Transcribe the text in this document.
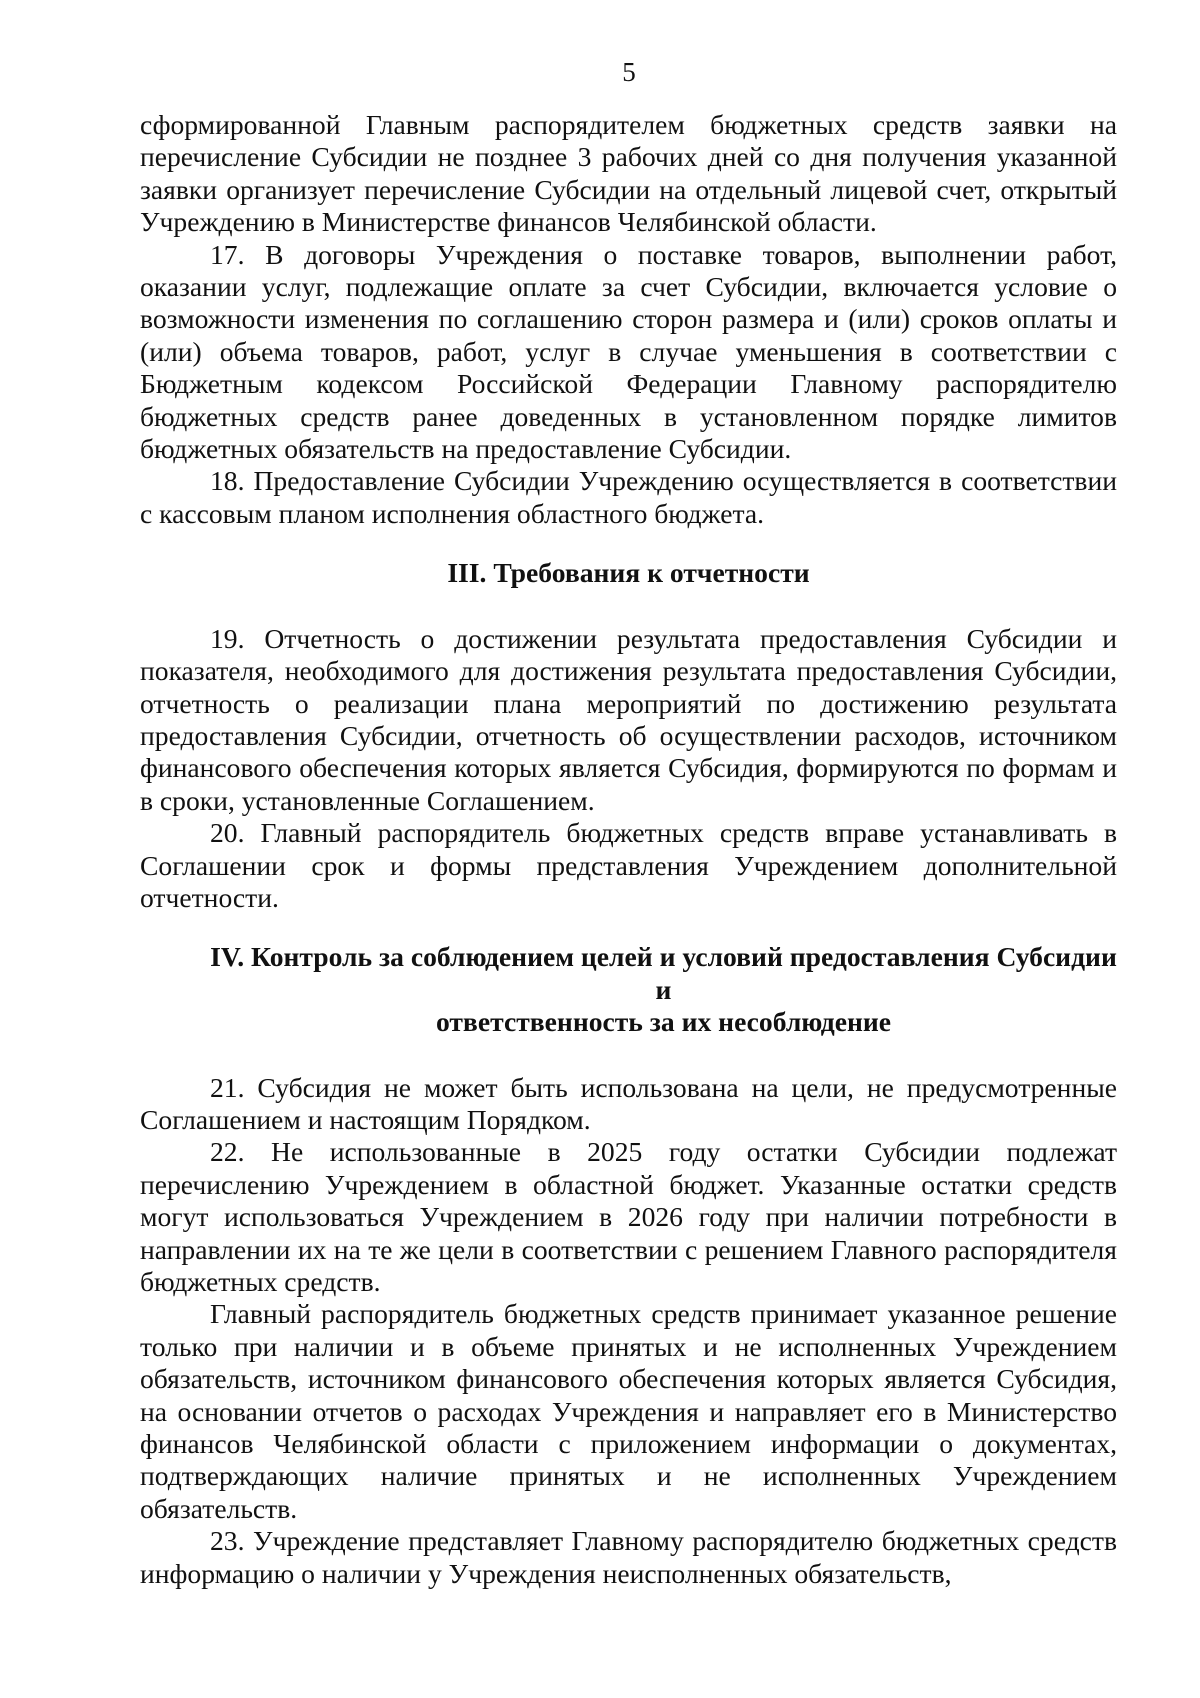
5

сформированной Главным распорядителем бюджетных средств заявки на перечисление Субсидии не позднее 3 рабочих дней со дня получения указанной заявки организует перечисление Субсидии на отдельный лицевой счет, открытый Учреждению в Министерстве финансов Челябинской области.

17. В договоры Учреждения о поставке товаров, выполнении работ, оказании услуг, подлежащие оплате за счет Субсидии, включается условие о возможности изменения по соглашению сторон размера и (или) сроков оплаты и (или) объема товаров, работ, услуг в случае уменьшения в соответствии с Бюджетным кодексом Российской Федерации Главному распорядителю бюджетных средств ранее доведенных в установленном порядке лимитов бюджетных обязательств на предоставление Субсидии.

18. Предоставление Субсидии Учреждению осуществляется в соответствии с кассовым планом исполнения областного бюджета.

III. Требования к отчетности

19. Отчетность о достижении результата предоставления Субсидии и показателя, необходимого для достижения результата предоставления Субсидии, отчетность о реализации плана мероприятий по достижению результата предоставления Субсидии, отчетность об осуществлении расходов, источником финансового обеспечения которых является Субсидия, формируются по формам и в сроки, установленные Соглашением.

20. Главный распорядитель бюджетных средств вправе устанавливать в Соглашении срок и формы представления Учреждением дополнительной отчетности.

IV. Контроль за соблюдением целей и условий предоставления Субсидии и
ответственность за их несоблюдение

21. Субсидия не может быть использована на цели, не предусмотренные Соглашением и настоящим Порядком.

22. Не использованные в 2025 году остатки Субсидии подлежат перечислению Учреждением в областной бюджет. Указанные остатки средств могут использоваться Учреждением в 2026 году при наличии потребности в направлении их на те же цели в соответствии с решением Главного распорядителя бюджетных средств.

Главный распорядитель бюджетных средств принимает указанное решение только при наличии и в объеме принятых и не исполненных Учреждением обязательств, источником финансового обеспечения которых является Субсидия, на основании отчетов о расходах Учреждения и направляет его в Министерство финансов Челябинской области с приложением информации о документах, подтверждающих наличие принятых и не исполненных Учреждением обязательств.

23. Учреждение представляет Главному распорядителю бюджетных средств информацию о наличии у Учреждения неисполненных обязательств,
